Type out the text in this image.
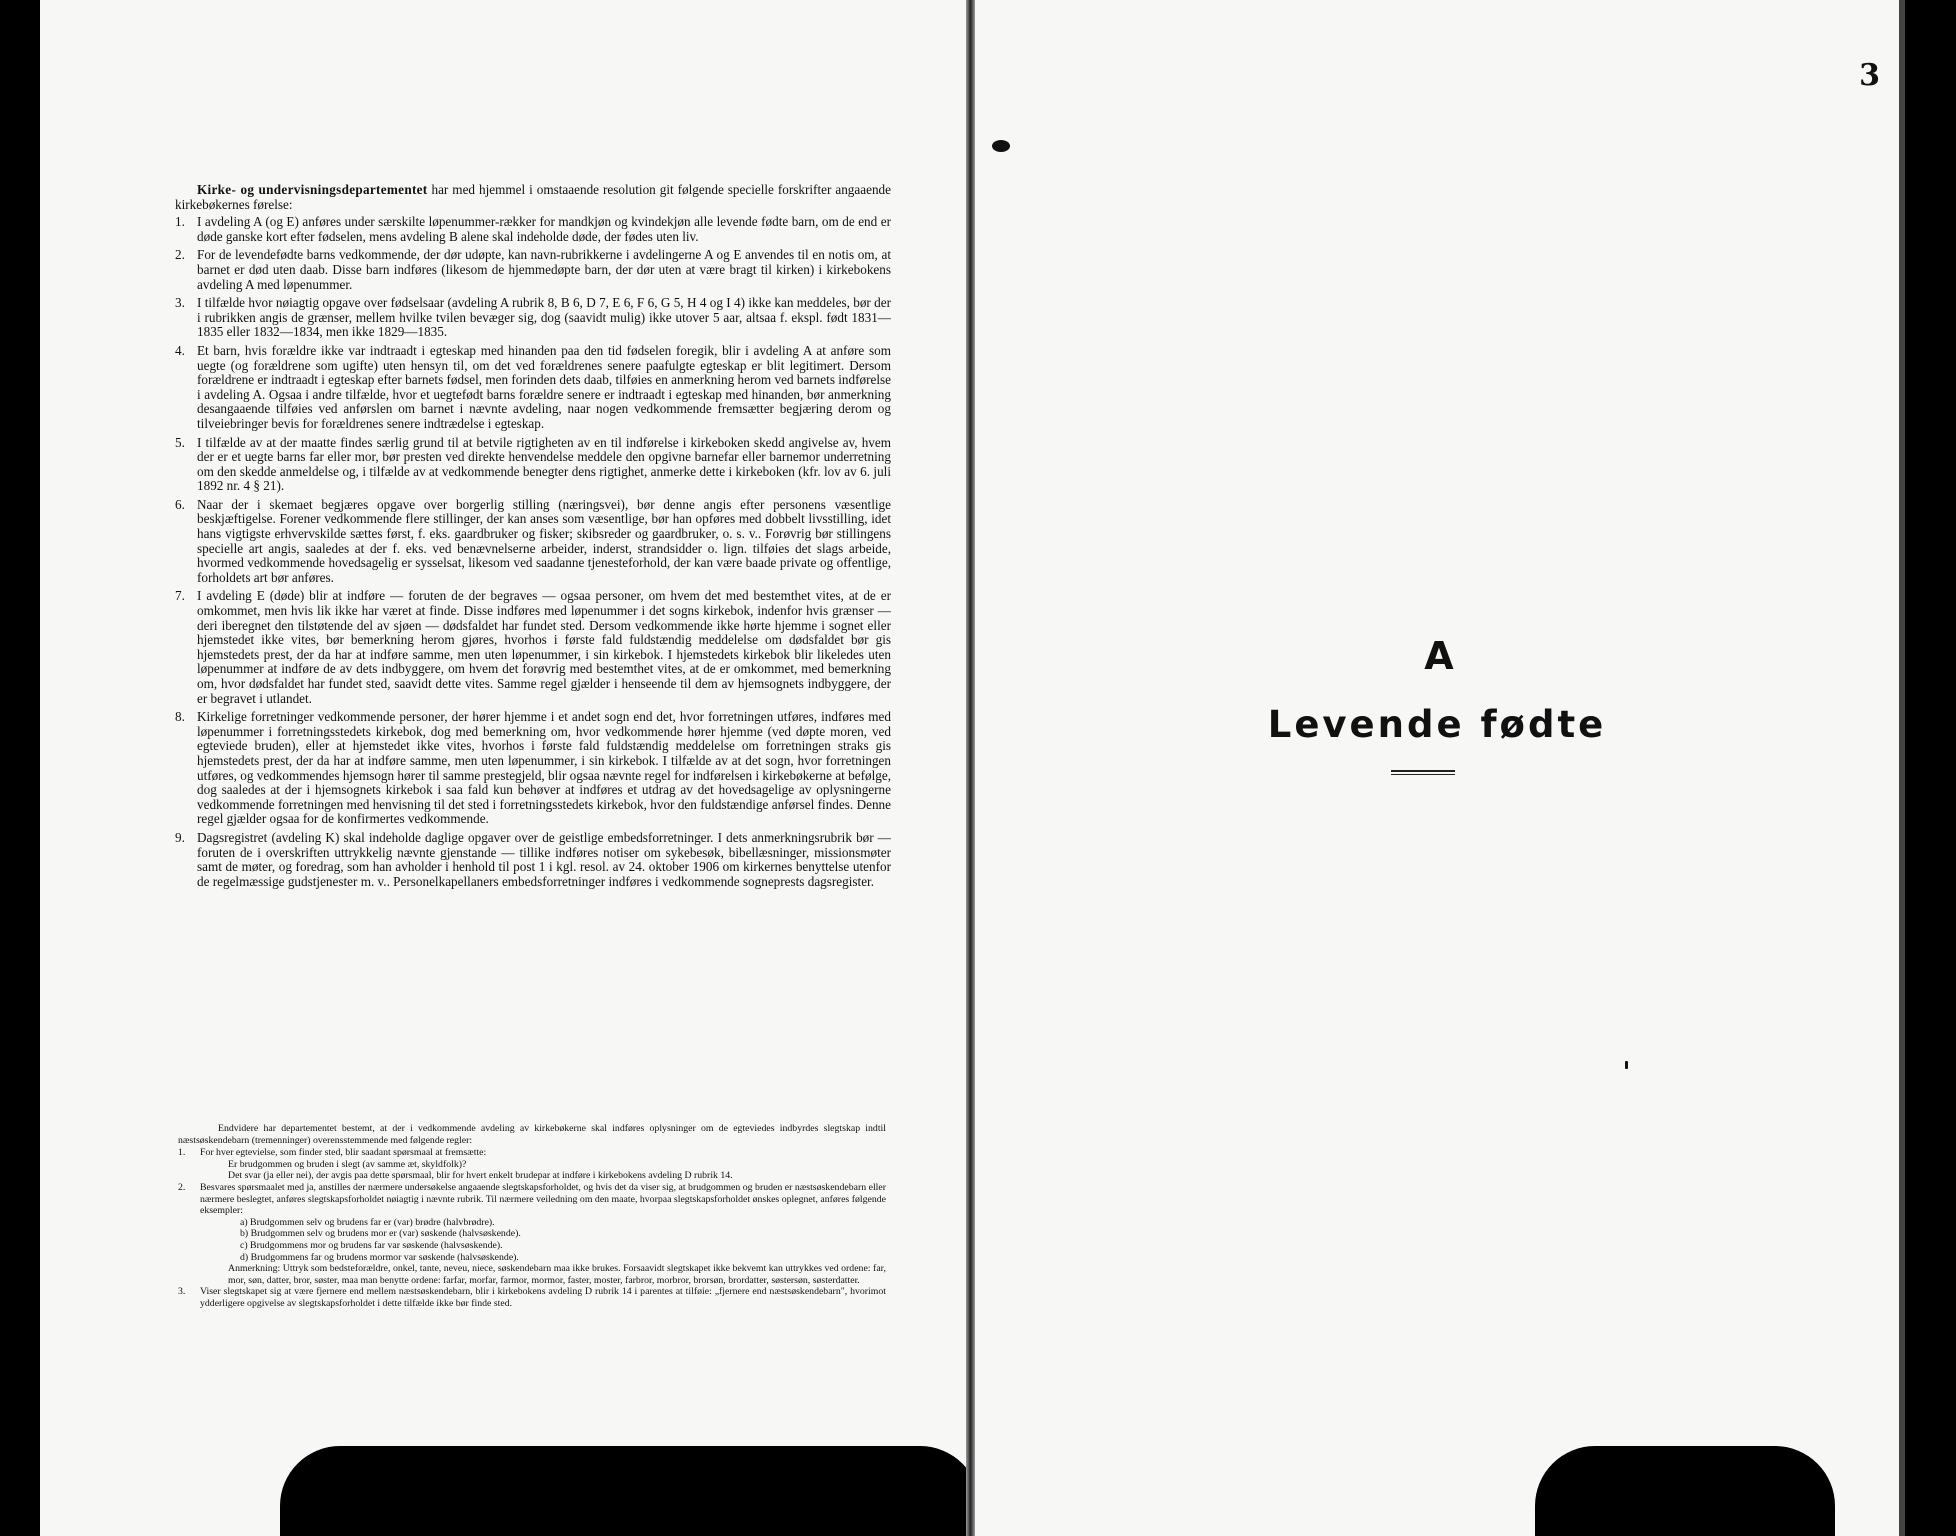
Kirke- og undervisningsdepartementet har med hjemmel i omstaaende resolution git følgende specielle forskrifter angaaende kirkebøkernes førelse:

1. I avdeling A (og E) anføres under særskilte løpenummer-rækker for mandkjøn og kvindekjøn alle levende fødte barn, om de end er døde ganske kort efter fødselen, mens avdeling B alene skal indeholde døde, der fødes uten liv.
2. For de levendefødte barns vedkommende, der dør udøpte, kan navn-rubrikkerne i avdelingerne A og E anvendes til en notis om, at barnet er død uten daab. Disse barn indføres (likesom de hjemmedøpte barn, der dør uten at være bragt til kirken) i kirkebokens avdeling A med løpenummer.
3. I tilfælde hvor nøiagtig opgave over fødselsaar (avdeling A rubrik 8, B 6, D 7, E 6, F 6, G 5, H 4 og I 4) ikke kan meddeles, bør der i rubrikken angis de grænser, mellem hvilke tvilen bevæger sig, dog (saavidt mulig) ikke utover 5 aar, altsaa f. ekspl. født 1831—1835 eller 1832—1834, men ikke 1829—1835.
4. Et barn, hvis forældre ikke var indtraadt i egteskap med hinanden paa den tid fødselen foregik, blir i avdeling A at anføre som uegte (og forældrene som ugifte) uten hensyn til, om det ved forældrenes senere paafulgte egteskap er blit legitimert. Dersom forældrene er indtraadt i egteskap efter barnets fødsel, men forinden dets daab, tilføies en anmerkning herom ved barnets indførelse i avdeling A. Ogsaa i andre tilfælde, hvor et uegtefødt barns forældre senere er indtraadt i egteskap med hinanden, bør anmerkning desangaaende tilføies ved anførslen om barnet i nævnte avdeling, naar nogen vedkommende fremsætter begjæring derom og tilveiebringer bevis for forældrenes senere indtrædelse i egteskap.
5. I tilfælde av at der maatte findes særlig grund til at betvile rigtigheten av en til indførelse i kirkeboken skedd angivelse av, hvem der er et uegte barns far eller mor, bør presten ved direkte henvendelse meddele den opgivne barnefar eller barnemor underretning om den skedde anmeldelse og, i tilfælde av at vedkommende benegter dens rigtighet, anmerke dette i kirkeboken (kfr. lov av 6. juli 1892 nr. 4 § 21).
6. Naar der i skemaet begjæres opgave over borgerlig stilling (næringsvei), bør denne angis efter personens væsentlige beskjæftigelse. Forener vedkommende flere stillinger, der kan anses som væsentlige, bør han opføres med dobbelt livsstilling, idet hans vigtigste erhvervskilde sættes først, f. eks. gaardbruker og fisker; skibsreder og gaardbruker, o. s. v.. Forøvrig bør stillingens specielle art angis, saaledes at der f. eks. ved benævnelserne arbeider, inderst, strandsidder o. lign. tilføies det slags arbeide, hvormed vedkommende hovedsagelig er sysselsat, likesom ved saadanne tjenesteforhold, der kan være baade private og offentlige, forholdets art bør anføres.
7. I avdeling E (døde) blir at indføre — foruten de der begraves — ogsaa personer, om hvem det med bestemthet vites, at de er omkommet, men hvis lik ikke har været at finde. Disse indføres med løpenummer i det sogns kirkebok, indenfor hvis grænser — deri iberegnet den tilstøtende del av sjøen — dødsfaldet har fundet sted. Dersom vedkommende ikke hørte hjemme i sognet eller hjemstedet ikke vites, bør bemerkning herom gjøres, hvorhos i første fald fuldstændig meddelelse om dødsfaldet bør gis hjemstedets prest, der da har at indføre samme, men uten løpenummer, i sin kirkebok. I hjemstedets kirkebok blir likeledes uten løpenummer at indføre de av dets indbyggere, om hvem det forøvrig med bestemthet vites, at de er omkommet, med bemerkning om, hvor dødsfaldet har fundet sted, saavidt dette vites. Samme regel gjælder i henseende til dem av hjemsognets indbyggere, der er begravet i utlandet.
8. Kirkelige forretninger vedkommende personer, der hører hjemme i et andet sogn end det, hvor forretningen utføres, indføres med løpenummer i forretningsstedets kirkebok, dog med bemerkning om, hvor vedkommende hører hjemme (ved døpte moren, ved egteviede bruden), eller at hjemstedet ikke vites, hvorhos i første fald fuldstændig meddelelse om forretningen straks gis hjemstedets prest, der da har at indføre samme, men uten løpenummer, i sin kirkebok. I tilfælde av at det sogn, hvor forretningen utføres, og vedkommendes hjemsogn hører til samme prestegjeld, blir ogsaa nævnte regel for indførelsen i kirkebøkerne at befølge, dog saaledes at der i hjemsognets kirkebok i saa fald kun behøver at indføres et utdrag av det hovedsagelige av oplysningerne vedkommende forretningen med henvisning til det sted i forretningsstedets kirkebok, hvor den fuldstændige anførsel findes. Denne regel gjælder ogsaa for de konfirmertes vedkommende.
9. Dagsregistret (avdeling K) skal indeholde daglige opgaver over de geistlige embedsforretninger. I dets anmerkningsrubrik bør — foruten de i overskriften uttrykkelig nævnte gjenstande — tillike indføres notiser om sykebesøk, bibellæsninger, missionsmøter samt de møter, og foredrag, som han avholder i henhold til post 1 i kgl. resol. av 24. oktober 1906 om kirkernes benyttelse utenfor de regelmæssige gudstjenester m. v.. Personelkapellaners embedsforretninger indføres i vedkommende sogneprests dagsregister.

Endvidere har departementet bestemt, at der i vedkommende avdeling av kirkebøkerne skal indføres oplysninger om de egteviedes indbyrdes slegtskap indtil næstsøskendebarn (tremenninger) overensstemmende med følgende regler:

1.	For hver egtevielse, som finder sted, blir saadant spørsmaal at fremsætte:
Er brudgommen og bruden i slegt (av samme æt, skyldfolk)?
Det svar (ja eller nei), der avgis paa dette spørsmaal, blir for hvert enkelt brudepar at indføre i kirkebokens avdeling D rubrik 14.
2.	Besvares spørsmaalet med ja, anstilles der nærmere undersøkelse angaaende slegtskapsforholdet, og hvis det da viser sig, at brudgommen og bruden er næstsøskendebarn eller nærmere beslegtet, anføres slegtskapsforholdet nøiagtig i nævnte rubrik. Til nærmere veiledning om den maate, hvorpaa slegtskapsforholdet ønskes oplegnet, anføres følgende eksempler:
a) Brudgommen selv og brudens far er (var) brødre (halvbrødre).
b) Brudgommen selv og brudens mor er (var) søskende (halvsøskende).
c) Brudgommens mor og brudens far var søskende (halvsøskende).
d) Brudgommens far og brudens mormor var søskende (halvsøskende).
Anmerkning: Uttryk som bedsteforældre, onkel, tante, neveu, niece, søskendebarn maa ikke brukes. Forsaavidt slegtskapet ikke bekvemt kan uttrykkes ved ordene: far, mor, søn, datter, bror, søster, maa man benytte ordene: farfar, morfar, farmor, mormor, faster, moster, farbror, morbror, brorsøn, brordatter, søstersøn, søsterdatter.
3.	Viser slegtskapet sig at være fjernere end mellem næstsøskendebarn, blir i kirkebokens avdeling D rubrik 14 i parentes at tilføie: „fjernere end næstsøskendebarn", hvorimot ydderligere opgivelse av slegtskapsforholdet i dette tilfælde ikke bør finde sted.
3
A
Levende fødte
